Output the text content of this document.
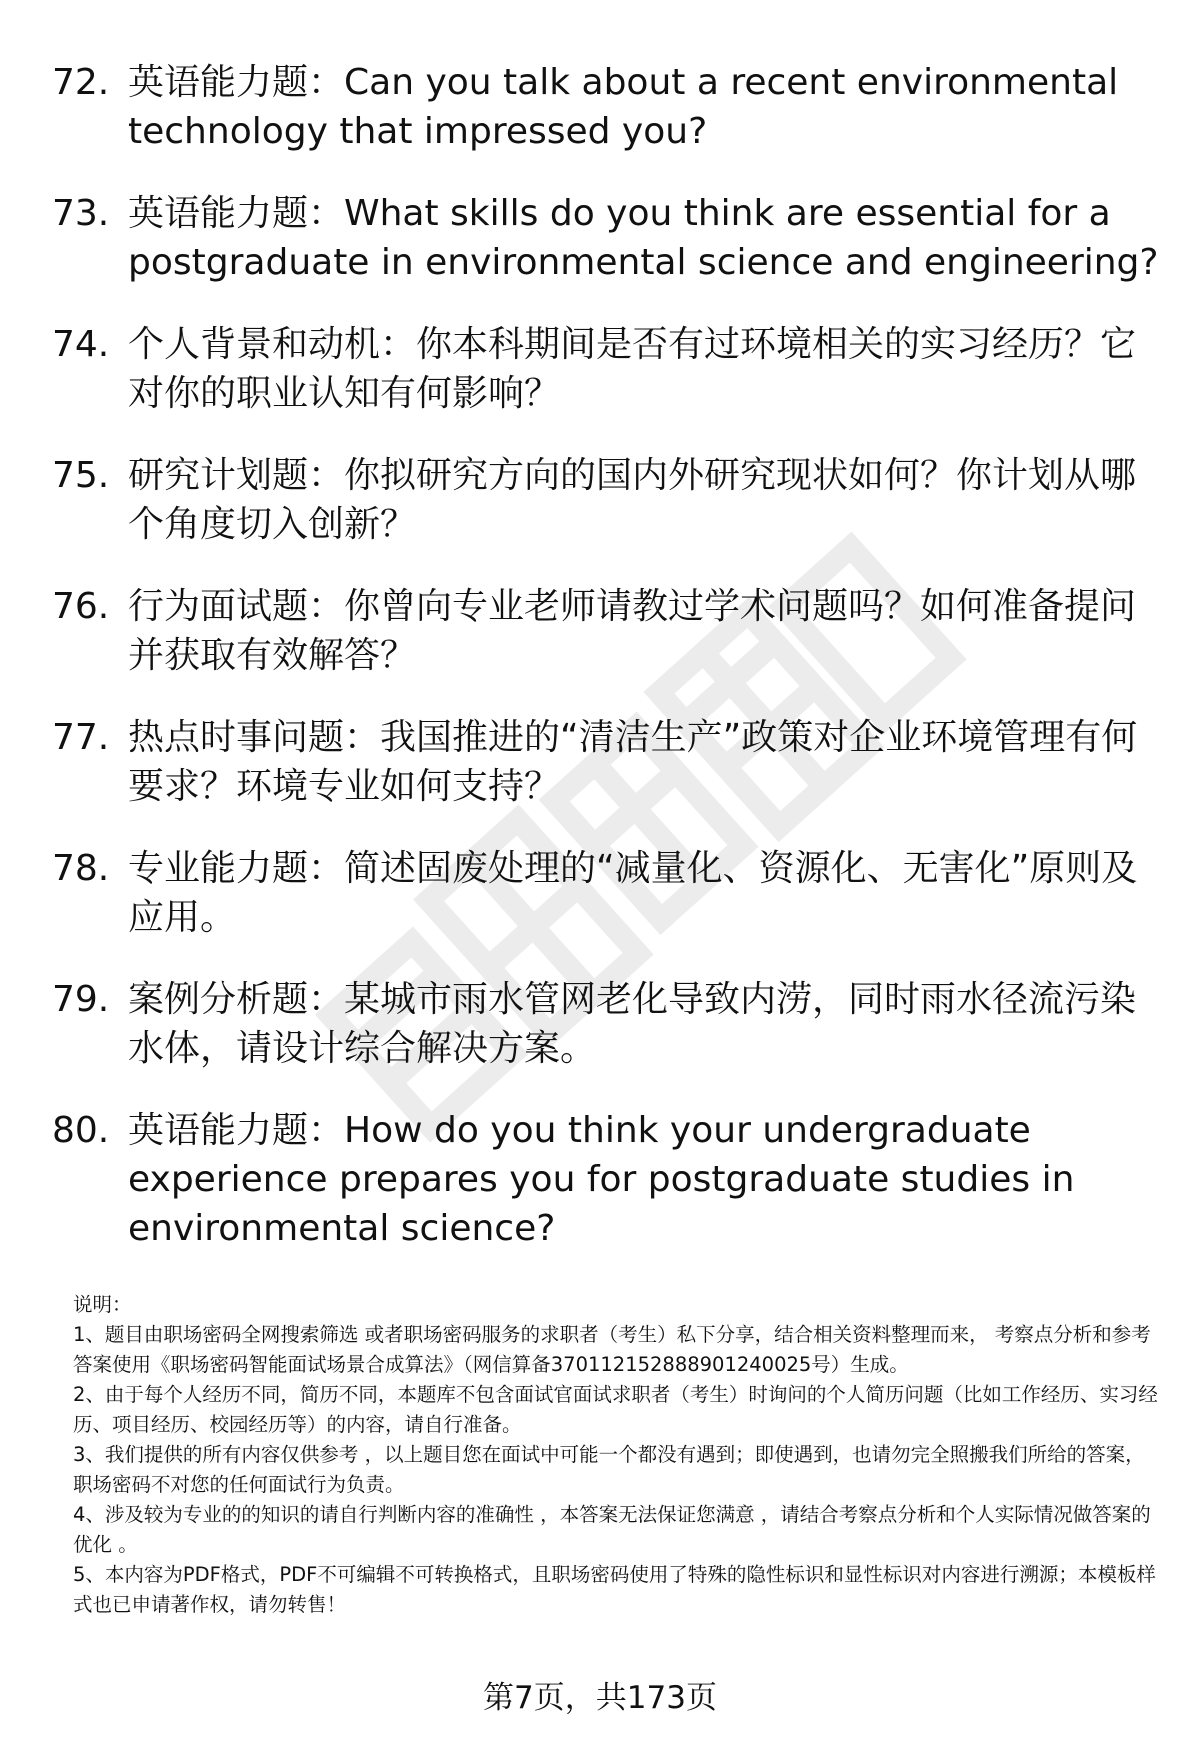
72. 英语能力题：Can you talk about a recent environmental technology that impressed you?
73. 英语能力题：What skills do you think are essential for a postgraduate in environmental science and engineering?
74. 个人背景和动机：你本科期间是否有过环境相关的实习经历？它对你的职业认知有何影响？
75. 研究计划题：你拟研究方向的国内外研究现状如何？你计划从哪个角度切入创新？
76. 行为面试题：你曾向专业老师请教过学术问题吗？如何准备提问并获取有效解答？
77. 热点时事问题：我国推进的“清洁生产”政策对企业环境管理有何要求？环境专业如何支持？
78. 专业能力题：简述固废处理的“减量化、资源化、无害化”原则及应用。
79. 案例分析题：某城市雨水管网老化导致内涝，同时雨水径流污染水体，请设计综合解决方案。
80. 英语能力题：How do you think your undergraduate experience prepares you for postgraduate studies in environmental science?

说明：

1、题目由职场密码全网搜索筛选 或者职场密码服务的求职者（考生）私下分享，结合相关资料整理而来， 考察点分析和参考答案使用《职场密码智能面试场景合成算法》（网信算备370112152888901240025号）生成。

2、由于每个人经历不同，简历不同，本题库不包含面试官面试求职者（考生）时询问的个人简历问题（比如工作经历、实习经历、项目经历、校园经历等）的内容，请自行准备。

3、我们提供的所有内容仅供参考 ，以上题目您在面试中可能一个都没有遇到；即使遇到，也请勿完全照搬我们所给的答案，职场密码不对您的任何面试行为负责。

4、涉及较为专业的的知识的请自行判断内容的准确性 ，本答案无法保证您满意 ，请结合考察点分析和个人实际情况做答案的优化 。

5、本内容为PDF格式，PDF不可编辑不可转换格式，且职场密码使用了特殊的隐性标识和显性标识对内容进行溯源；本模板样式也已申请著作权，请勿转售！

第7页，共173页
